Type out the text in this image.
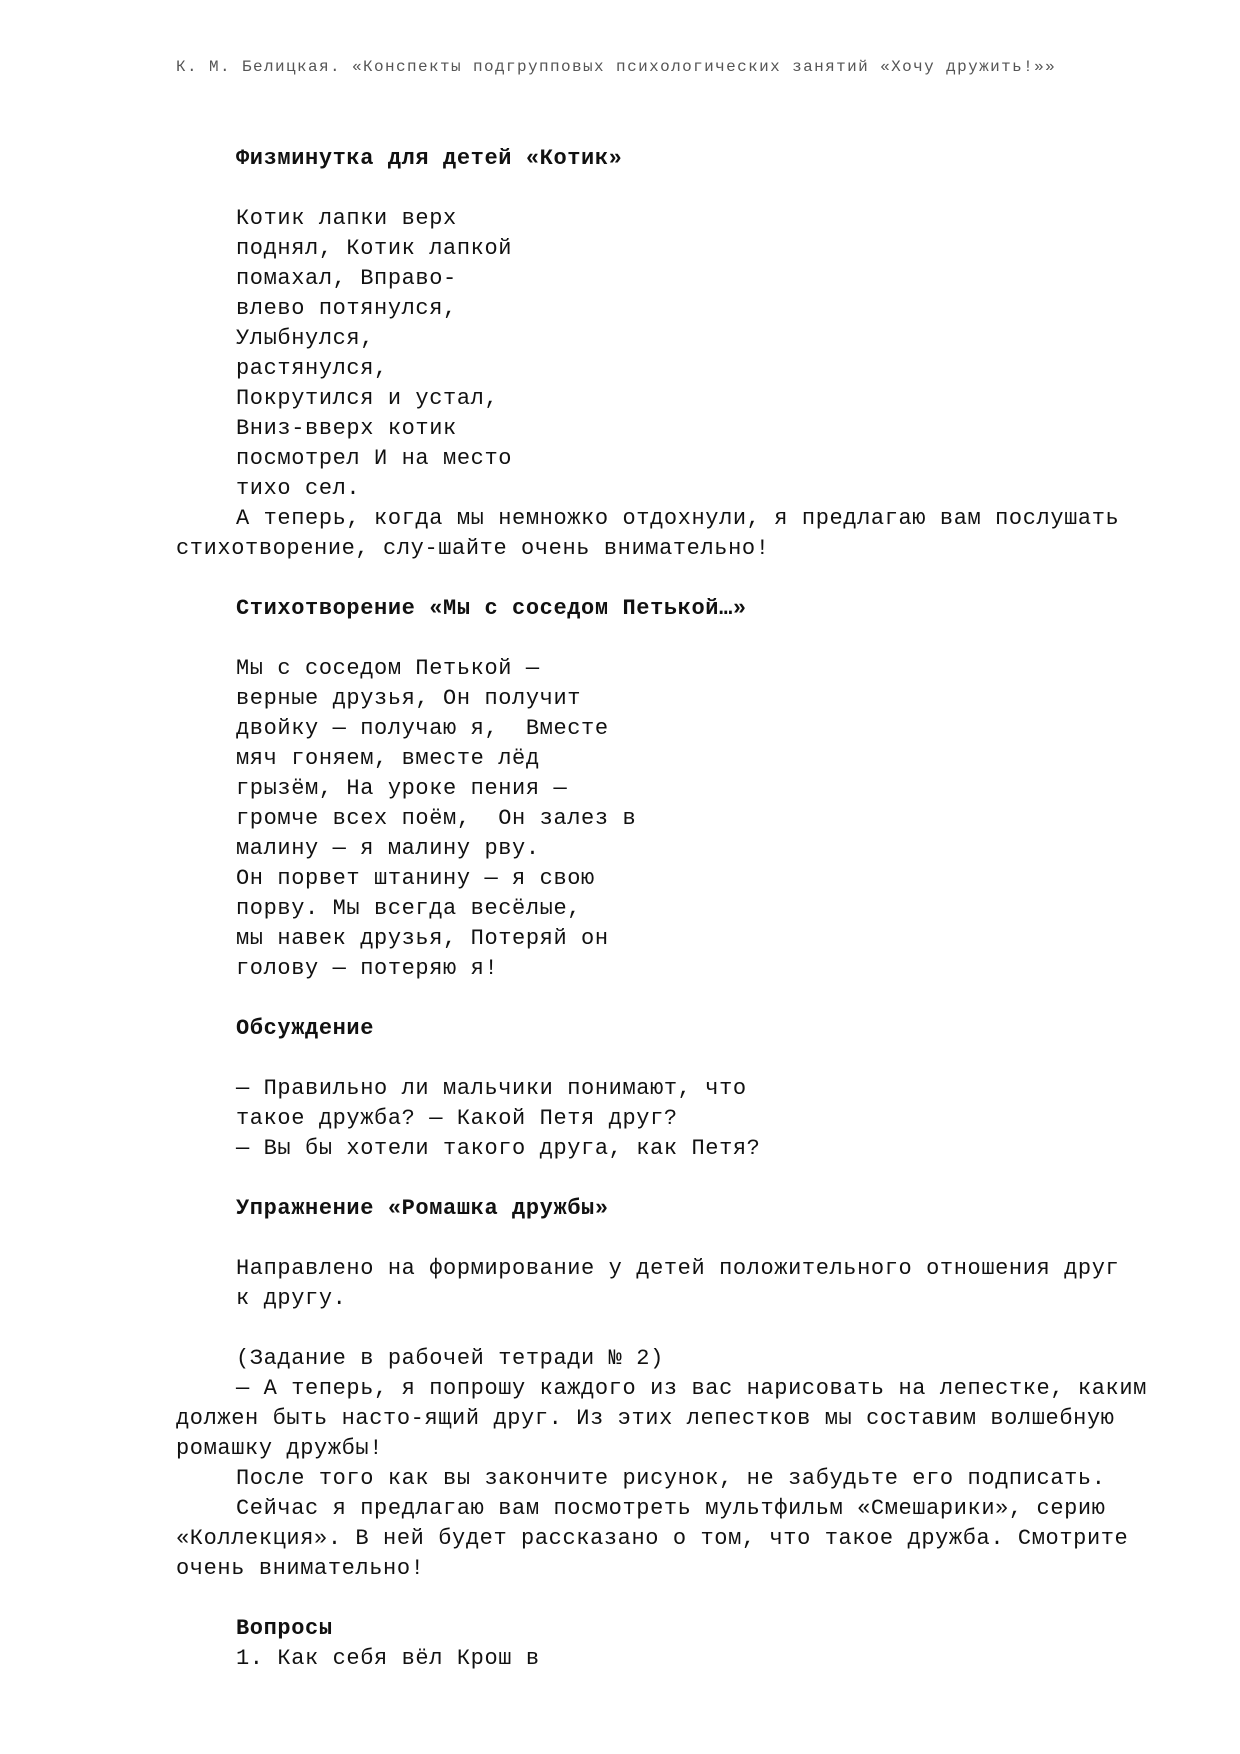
К. М. Белицкая. «Конспекты подгрупповых психологических занятий «Хочу дружить!»»
Физминутка для детей «Котик»
Котик лапки верх
поднял, Котик лапкой
помахал, Вправо-
влево потянулся,
Улыбнулся,
растянулся,
Покрутился и устал,
Вниз-вверх котик
посмотрел И на место
тихо сел.
А теперь, когда мы немножко отдохнули, я предлагаю вам послушать стихотворение, слу-шайте очень внимательно!
Стихотворение «Мы с соседом Петькой…»
Мы с соседом Петькой —
верные друзья, Он получит
двойку — получаю я,  Вместе
мяч гоняем, вместе лёд
грызём, На уроке пения —
громче всех поём,  Он залез в
малину — я малину рву.
Он порвет штанину — я свою
порву. Мы всегда весёлые,
мы навек друзья, Потеряй он
голову — потеряю я!
Обсуждение
— Правильно ли мальчики понимают, что
такое дружба? — Какой Петя друг?
— Вы бы хотели такого друга, как Петя?
Упражнение «Ромашка дружбы»
Направлено на формирование у детей положительного отношения друг
к другу.
(Задание в рабочей тетради № 2)
— А теперь, я попрошу каждого из вас нарисовать на лепестке, каким должен быть насто-ящий друг. Из этих лепестков мы составим волшебную ромашку дружбы!
После того как вы закончите рисунок, не забудьте его подписать.
Сейчас я предлагаю вам посмотреть мультфильм «Смешарики», серию «Коллекция». В ней будет рассказано о том, что такое дружба. Смотрите очень внимательно!
Вопросы
1. Как себя вёл Крош в
